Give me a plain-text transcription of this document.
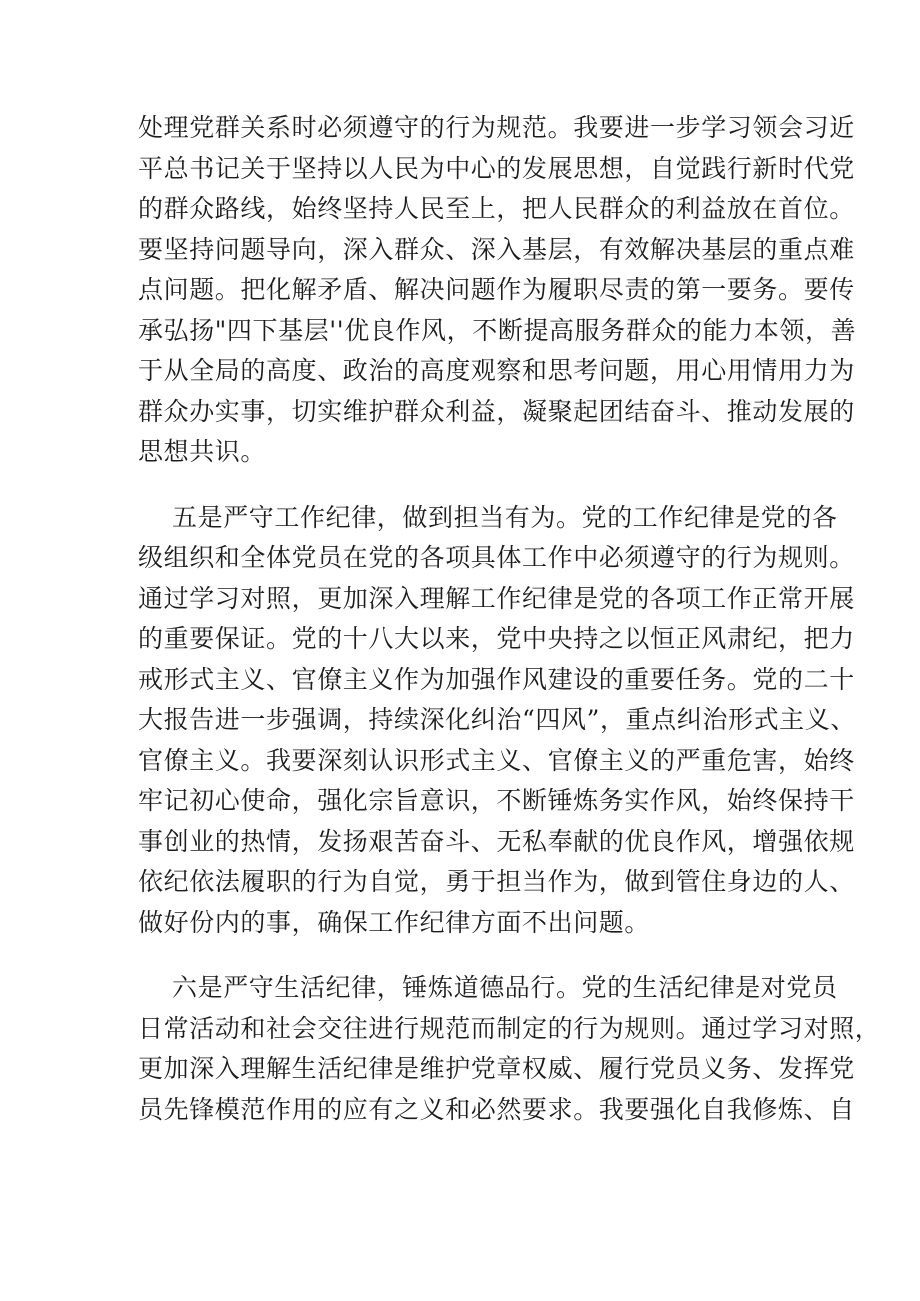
处理党群关系时必须遵守的行为规范。我要进一步学习领会习近
平总书记关于坚持以人民为中心的发展思想，自觉践行新时代党
的群众路线，始终坚持人民至上，把人民群众的利益放在首位。
要坚持问题导向，深入群众、深入基层，有效解决基层的重点难
点问题。把化解矛盾、解决问题作为履职尽责的第一要务。要传
承弘扬"四下基层''优良作风，不断提高服务群众的能力本领，善
于从全局的高度、政治的高度观察和思考问题，用心用情用力为
群众办实事，切实维护群众利益，凝聚起团结奋斗、推动发展的
思想共识。
五是严守工作纪律，做到担当有为。党的工作纪律是党的各
级组织和全体党员在党的各项具体工作中必须遵守的行为规则。
通过学习对照，更加深入理解工作纪律是党的各项工作正常开展
的重要保证。党的十八大以来，党中央持之以恒正风肃纪，把力
戒形式主义、官僚主义作为加强作风建设的重要任务。党的二十
大报告进一步强调，持续深化纠治“四风”，重点纠治形式主义、
官僚主义。我要深刻认识形式主义、官僚主义的严重危害，始终
牢记初心使命，强化宗旨意识，不断锤炼务实作风，始终保持干
事创业的热情，发扬艰苦奋斗、无私奉献的优良作风，增强依规
依纪依法履职的行为自觉，勇于担当作为，做到管住身边的人、
做好份内的事，确保工作纪律方面不出问题。
六是严守生活纪律，锤炼道德品行。党的生活纪律是对党员
日常活动和社会交往进行规范而制定的行为规则。通过学习对照，
更加深入理解生活纪律是维护党章权威、履行党员义务、发挥党
员先锋模范作用的应有之义和必然要求。我要强化自我修炼、自
